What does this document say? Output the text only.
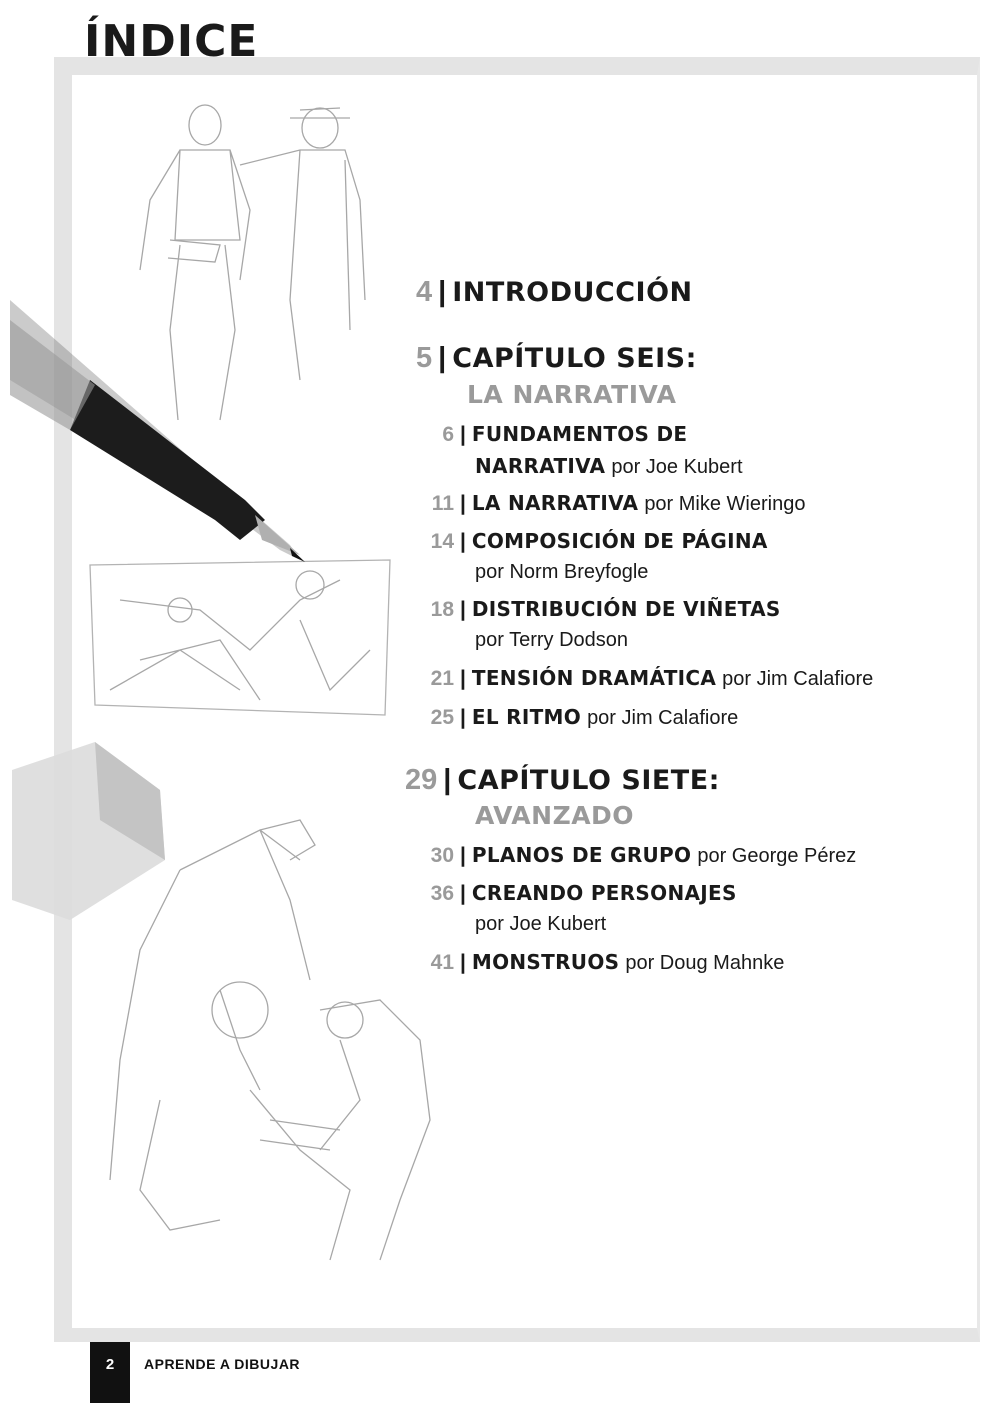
ÍNDICE
4 | INTRODUCCIÓN
5 | CAPÍTULO SEIS:
LA NARRATIVA
6 | FUNDAMENTOS DE
NARRATIVA por Joe Kubert
11 | LA NARRATIVA por Mike Wieringo
14 | COMPOSICIÓN DE PÁGINA
por Norm Breyfogle
18 | DISTRIBUCIÓN DE VIÑETAS
por Terry Dodson
21 | TENSIÓN DRAMÁTICA por Jim Calafiore
25 | EL RITMO por Jim Calafiore
29 | CAPÍTULO SIETE:
AVANZADO
30 | PLANOS DE GRUPO por George Pérez
36 | CREANDO PERSONAJES
por Joe Kubert
41 | MONSTRUOS por Doug Mahnke
2 APRENDE A DIBUJAR
